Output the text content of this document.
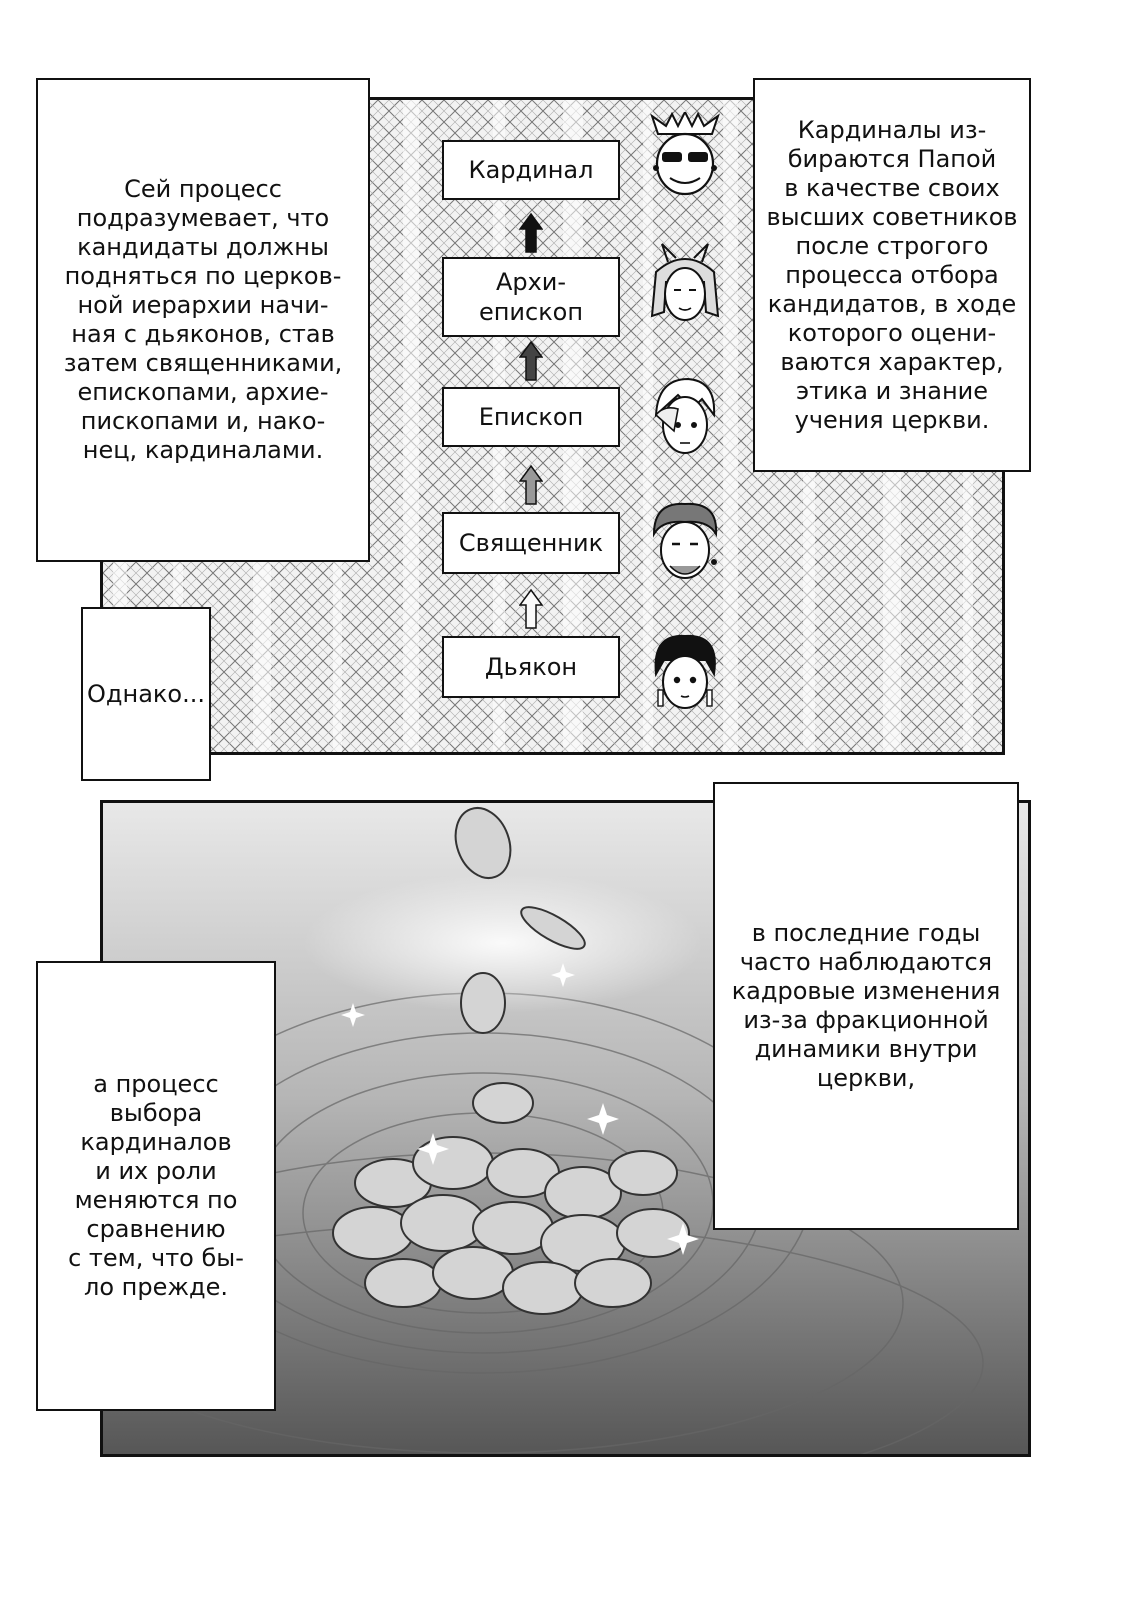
Кардинал
Архи-
епископ
Епископ
Священник
Дьякон
Сей процесс
подразумевает, что
кандидаты должны
подняться по церков-
ной иерархии начи-
ная с дьяконов, став
затем священниками,
епископами, архие-
пископами и, нако-
нец, кардиналами.
Кардиналы из-
бираются Папой
в качестве своих
высших советников
после строгого
процесса отбора
кандидатов, в ходе
которого оцени-
ваются характер,
этика и знание
учения церкви.
Однако...
в последние годы
часто наблюдаются
кадровые изменения
из-за фракционной
динамики внутри
церкви,
а процесс
выбора
кардиналов
и их роли
меняются по
сравнению
с тем, что бы-
ло прежде.
